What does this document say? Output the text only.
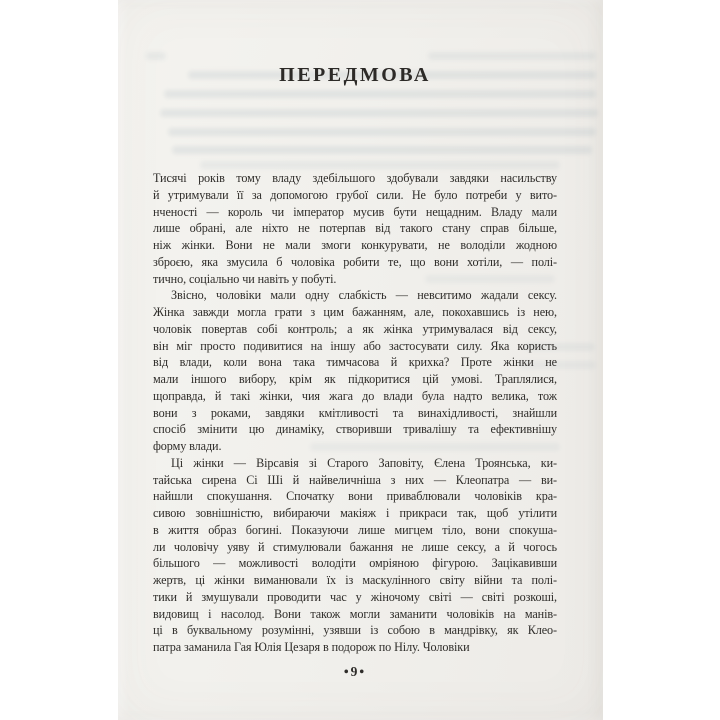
ПЕРЕДМОВА
Тисячі років тому владу здебільшого здобували завдяки насильству
й утримували її за допомогою грубої сили. Не було потреби у вито-
нченості — король чи імператор мусив бути нещадним. Владу мали
лише обрані, але ніхто не потерпав від такого стану справ більше,
ніж жінки. Вони не мали змоги конкурувати, не володіли жодною
зброєю, яка змусила б чоловіка робити те, що вони хотіли, — полі-
тично, соціально чи навіть у побуті.
Звісно, чоловіки мали одну слабкість — невситимо жадали сексу.
Жінка завжди могла грати з цим бажанням, але, покохавшись із нею,
чоловік повертав собі контроль; а як жінка утримувалася від сексу,
він міг просто подивитися на іншу або застосувати силу. Яка користь
від влади, коли вона така тимчасова й крихка? Проте жінки не
мали іншого вибору, крім як підкоритися цій умові. Траплялися,
щоправда, й такі жінки, чия жага до влади була надто велика, тож
вони з роками, завдяки кмітливості та винахідливості, знайшли
спосіб змінити цю динаміку, створивши тривалішу та ефективнішу
форму влади.
Ці жінки — Вірсавія зі Старого Заповіту, Єлена Троянська, ки-
тайська сирена Сі Ші й найвеличніша з них — Клеопатра — ви-
найшли спокушання. Спочатку вони приваблювали чоловіків кра-
сивою зовнішністю, вибираючи макіяж і прикраси так, щоб утілити
в життя образ богині. Показуючи лише мигцем тіло, вони спокуша-
ли чоловічу уяву й стимулювали бажання не лише сексу, а й чогось
більшого — можливості володіти омріяною фігурою. Зацікавивши
жертв, ці жінки виманювали їх із маскулінного світу війни та полі-
тики й змушували проводити час у жіночому світі — світі розкоші,
видовищ і насолод. Вони також могли заманити чоловіків на манів-
ці в буквальному розумінні, узявши із собою в мандрівку, як Клео-
патра заманила Гая Юлія Цезаря в подорож по Нілу. Чоловіки
•9•
